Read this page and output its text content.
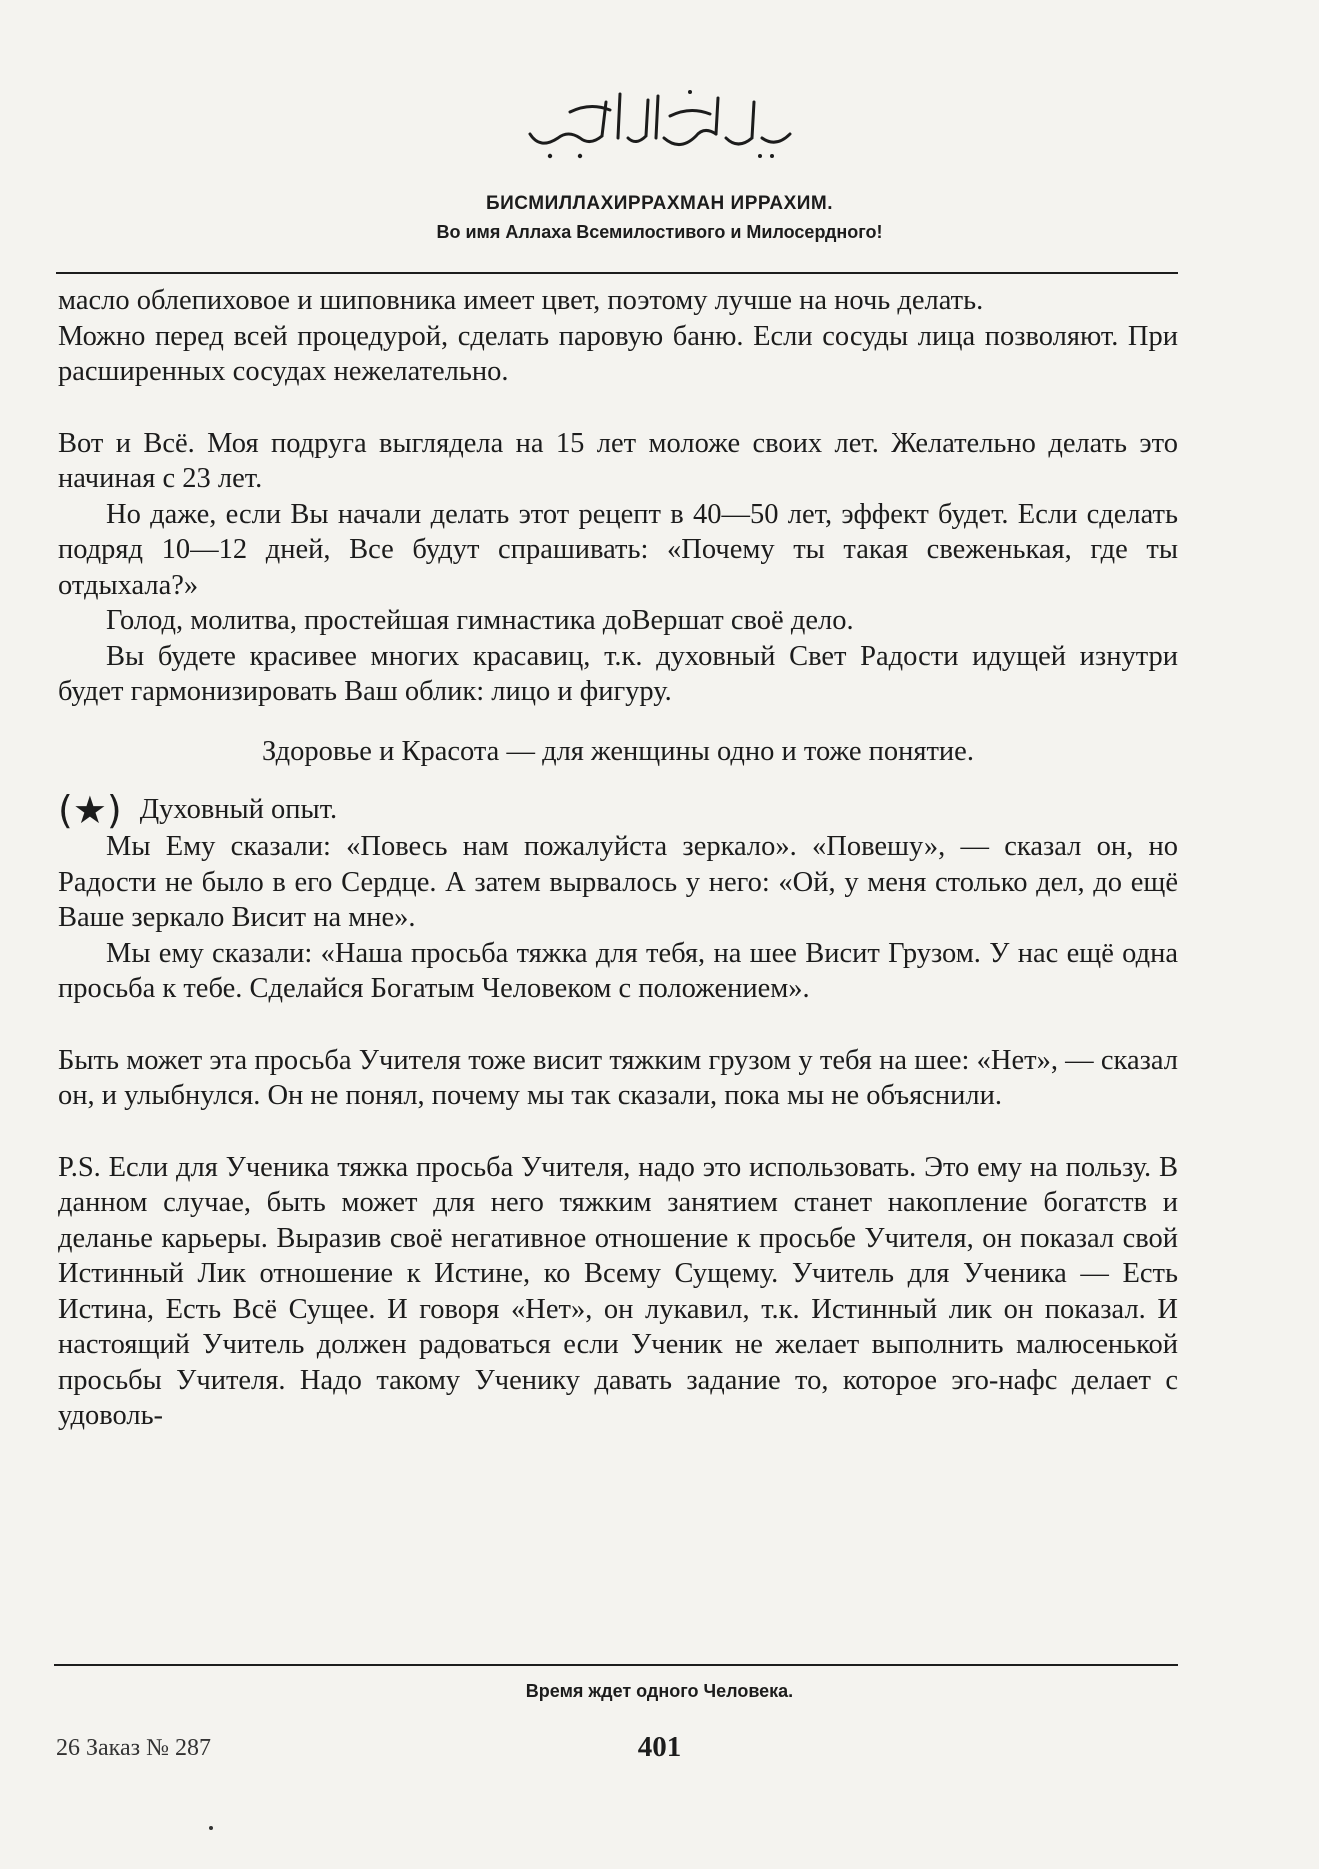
БИСМИЛЛАХИРРАХМАН ИРРАХИМ.
Во имя Аллаха Всемилостивого и Милосердного!

масло облепиховое и шиповника имеет цвет, поэтому лучше на ночь делать.

Можно перед всей процедурой, сделать паровую баню. Если сосуды лица позволяют. При расширенных сосудах нежелательно.

Вот и Всё. Моя подруга выглядела на 15 лет моложе своих лет. Желательно делать это начиная с 23 лет.

Но даже, если Вы начали делать этот рецепт в 40—50 лет, эффект будет. Если сделать подряд 10—12 дней, Все будут спрашивать: «Почему ты такая свеженькая, где ты отдыхала?»

Голод, молитва, простейшая гимнастика доВершат своё дело.

Вы будете красивее многих красавиц, т.к. духовный Свет Радости идущей изнутри будет гармонизировать Ваш облик: лицо и фигуру.

Здоровье и Красота — для женщины одно и тоже понятие.

(★) Духовный опыт.

Мы Ему сказали: «Повесь нам пожалуйста зеркало». «Повешу», — сказал он, но Радости не было в его Сердце. А затем вырвалось у него: «Ой, у меня столько дел, до ещё Ваше зеркало Висит на мне».

Мы ему сказали: «Наша просьба тяжка для тебя, на шее Висит Грузом. У нас ещё одна просьба к тебе. Сделайся Богатым Человеком с положением».

Быть может эта просьба Учителя тоже висит тяжким грузом у тебя на шее: «Нет», — сказал он, и улыбнулся. Он не понял, почему мы так сказали, пока мы не объяснили.

P.S. Если для Ученика тяжка просьба Учителя, надо это использовать. Это ему на пользу. В данном случае, быть может для него тяжким занятием станет накопление богатств и деланье карьеры. Выразив своё негативное отношение к просьбе Учителя, он показал свой Истинный Лик отношение к Истине, ко Всему Сущему. Учитель для Ученика — Есть Истина, Есть Всё Сущее. И говоря «Нет», он лукавил, т.к. Истинный лик он показал. И настоящий Учитель должен радоваться если Ученик не желает выполнить малюсенькой просьбы Учителя. Надо такому Ученику давать задание то, которое эго-нафс делает с удоволь-

Время ждет одного Человека.
26 Заказ № 287	401
